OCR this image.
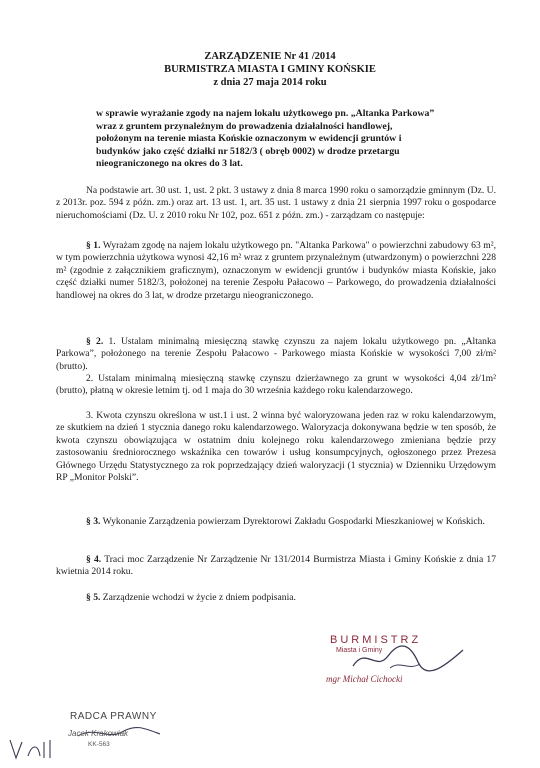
ZARZĄDZENIE Nr 41 /2014
BURMISTRZA MIASTA I GMINY KOŃSKIE
z dnia 27 maja 2014 roku
w sprawie wyrażanie zgody na najem lokalu użytkowego pn. „Altanka Parkowa” wraz z gruntem przynależnym do prowadzenia działalności handlowej, położonym na terenie miasta Końskie oznaczonym w ewidencji gruntów i budynków jako część działki nr 5182/3 ( obręb 0002) w drodze przetargu nieograniczonego na okres do 3 lat.
Na podstawie art. 30 ust. 1, ust. 2 pkt. 3 ustawy z dnia 8 marca 1990 roku o samorządzie gminnym (Dz. U. z 2013r. poz. 594 z późn. zm.) oraz art. 13 ust. 1, art. 35 ust. 1 ustawy z dnia 21 sierpnia 1997 roku o gospodarce nieruchomościami (Dz. U. z 2010 roku Nr 102, poz. 651 z późn. zm.) - zarządzam co następuje:
§ 1. Wyrażam zgodę na najem lokalu użytkowego pn. "Altanka Parkowa" o powierzchni zabudowy 63 m², w tym powierzchnia użytkowa wynosi 42,16 m² wraz z gruntem przynależnym (utwardzonym) o powierzchni 228 m² (zgodnie z załącznikiem graficznym), oznaczonym w ewidencji gruntów i budynków miasta Końskie, jako część działki numer 5182/3, położonej na terenie Zespołu Pałacowo – Parkowego, do prowadzenia działalności handlowej na okres do 3 lat, w drodze przetargu nieograniczonego.
§ 2. 1. Ustalam minimalną miesięczną stawkę czynszu za najem lokalu użytkowego pn. „Altanka Parkowa”, położonego na terenie Zespołu Pałacowo - Parkowego miasta Końskie w wysokości 7,00 zł/m² (brutto).
2. Ustalam minimalną miesięczną stawkę czynszu dzierżawnego za grunt w wysokości 4,04 zł/1m² (brutto), płatną w okresie letnim tj. od 1 maja do 30 września każdego roku kalendarzowego.
3. Kwota czynszu określona w ust.1 i ust. 2 winna być waloryzowana jeden raz w roku kalendarzowym, ze skutkiem na dzień 1 stycznia danego roku kalendarzowego. Waloryzacja dokonywana będzie w ten sposób, że kwota czynszu obowiązująca w ostatnim dniu kolejnego roku kalendarzowego zmieniana będzie przy zastosowaniu średniorocznego wskaźnika cen towarów i usług konsumpcyjnych, ogłoszonego przez Prezesa Głównego Urzędu Statystycznego za rok poprzedzający dzień waloryzacji (1 stycznia) w Dzienniku Urzędowym RP „Monitor Polski”.
§ 3. Wykonanie Zarządzenia powierzam Dyrektorowi Zakładu Gospodarki Mieszkaniowej w Końskich.
§ 4. Traci moc Zarządzenie Nr Zarządzenie Nr 131/2014 Burmistrza Miasta i Gminy Końskie z dnia 17 kwietnia 2014 roku.
§ 5. Zarządzenie wchodzi w życie z dniem podpisania.
BURMISTRZ
Miasta i Gminy
mgr Michał Cichocki
RADCA PRAWNY
Jacek Krakowiak
KK-563
